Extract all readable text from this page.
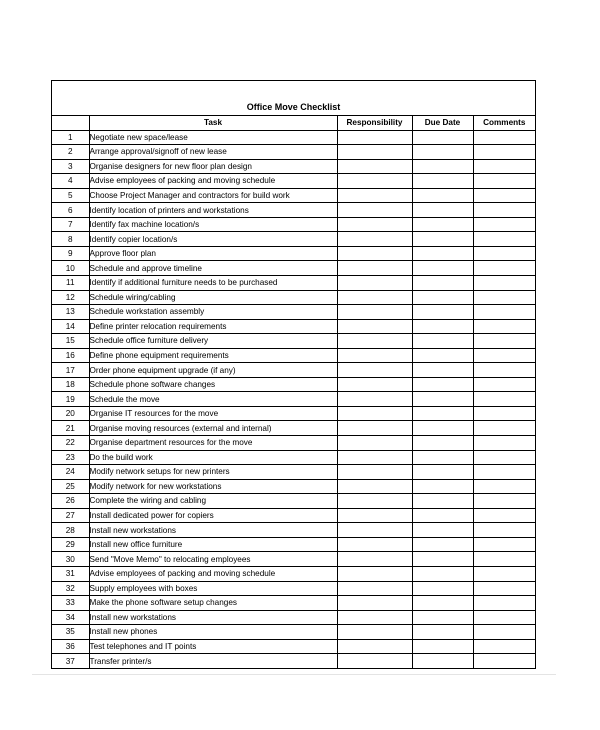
Office Move Checklist
	Task	Responsibility	Due Date	Comments
1	Negotiate new space/lease			
2	Arrange approval/signoff of new lease			
3	Organise designers for new floor plan design			
4	Advise employees of packing and moving schedule			
5	Choose Project Manager and contractors for build work			
6	Identify location of printers and workstations			
7	Identify fax machine location/s			
8	Identify copier location/s			
9	Approve floor plan			
10	Schedule and approve timeline			
11	Identify if additional furniture needs to be purchased			
12	Schedule wiring/cabling			
13	Schedule workstation assembly			
14	Define printer relocation requirements			
15	Schedule office furniture delivery			
16	Define phone equipment requirements			
17	Order phone equipment upgrade (if any)			
18	Schedule phone software changes			
19	Schedule the move			
20	Organise IT resources for the move			
21	Organise moving resources (external and internal)			
22	Organise department resources for the move			
23	Do the build work			
24	Modify network setups for new printers			
25	Modify network for new workstations			
26	Complete the wiring and cabling			
27	Install dedicated power for copiers			
28	Install new workstations			
29	Install new office furniture			
30	Send "Move Memo" to relocating employees			
31	Advise employees of packing and moving schedule			
32	Supply employees with boxes			
33	Make the phone software setup changes			
34	Install new workstations			
35	Install new phones			
36	Test telephones and IT points			
37	Transfer printer/s			
